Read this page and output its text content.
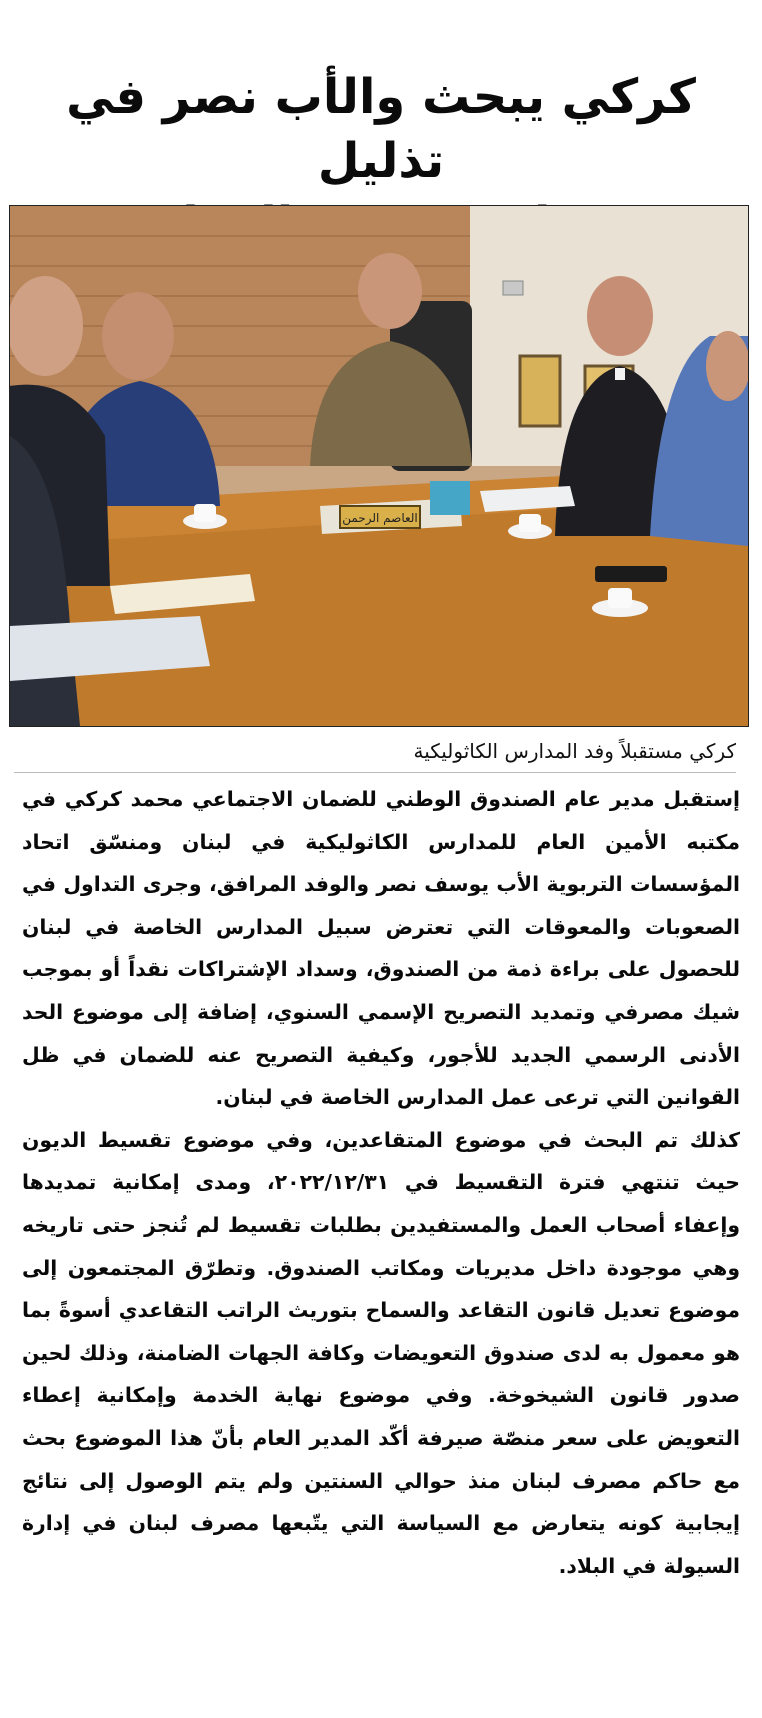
كركي يبحث والأب نصر في تذليل
العاصم الرحمن
كركي مستقبلاً وفد المدارس الكاثوليكية

إستقبل مدير عام الصندوق الوطني للضمان الاجتماعي محمد كركي في مكتبه الأمين العام للمدارس الكاثوليكية في لبنان ومنسّق اتحاد المؤسسات التربوية الأب يوسف نصر والوفد المرافق، وجرى التداول في الصعوبات والمعوقات التي تعترض سبيل المدارس الخاصة في لبنان للحصول على براءة ذمة من الصندوق، وسداد الإشتراكات نقداً أو بموجب شيك مصرفي وتمديد التصريح الإسمي السنوي، إضافة إلى موضوع الحد الأدنى الرسمي الجديد للأجور، وكيفية التصريح عنه للضمان في ظل القوانين التي ترعى عمل المدارس الخاصة في لبنان.

كذلك تم البحث في موضوع المتقاعدين، وفي موضوع تقسيط الديون حيث تنتهي فترة التقسيط في ٢٠٢٢/١٢/٣١، ومدى إمكانية تمديدها وإعفاء أصحاب العمل والمستفيدين بطلبات تقسيط لم تُنجز حتى تاريخه وهي موجودة داخل مديريات ومكاتب الصندوق. وتطرّق المجتمعون إلى موضوع تعديل قانون التقاعد والسماح بتوريث الراتب التقاعدي أسوةً بما هو معمول به لدى صندوق التعويضات وكافة الجهات الضامنة، وذلك لحين صدور قانون الشيخوخة. وفي موضوع نهاية الخدمة وإمكانية إعطاء التعويض على سعر منصّة صيرفة أكّد المدير العام بأنّ هذا الموضوع بحث مع حاكم مصرف لبنان منذ حوالي السنتين ولم يتم الوصول إلى نتائج إيجابية كونه يتعارض مع السياسة التي يتّبعها مصرف لبنان في إدارة السيولة في البلاد.
